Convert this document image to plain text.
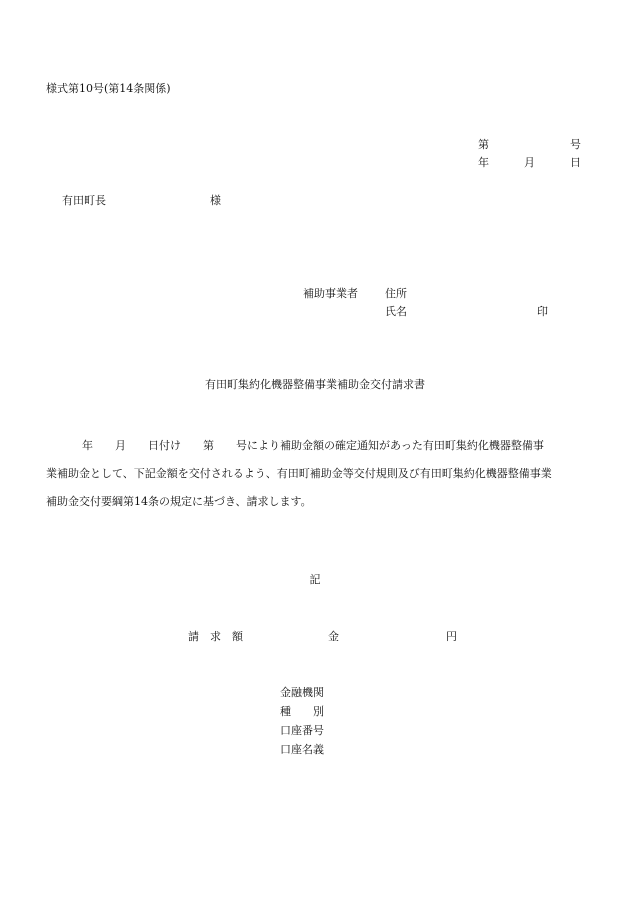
様式第10号(第14条関係)
第	号
年	月	日
有田町長	様
補助事業者 住所
氏名	印
有田町集約化機器整備事業補助金交付請求書
年 月 日付け 第 号により補助金額の確定通知があった有田町集約化機器整備事
業補助金として、下記金額を交付されるよう、有田町補助金等交付規則及び有田町集約化機器整備事業
補助金交付要綱第14条の規定に基づき、請求します。
記
請　求　額	金	円
金融機関
種　　別
口座番号
口座名義
